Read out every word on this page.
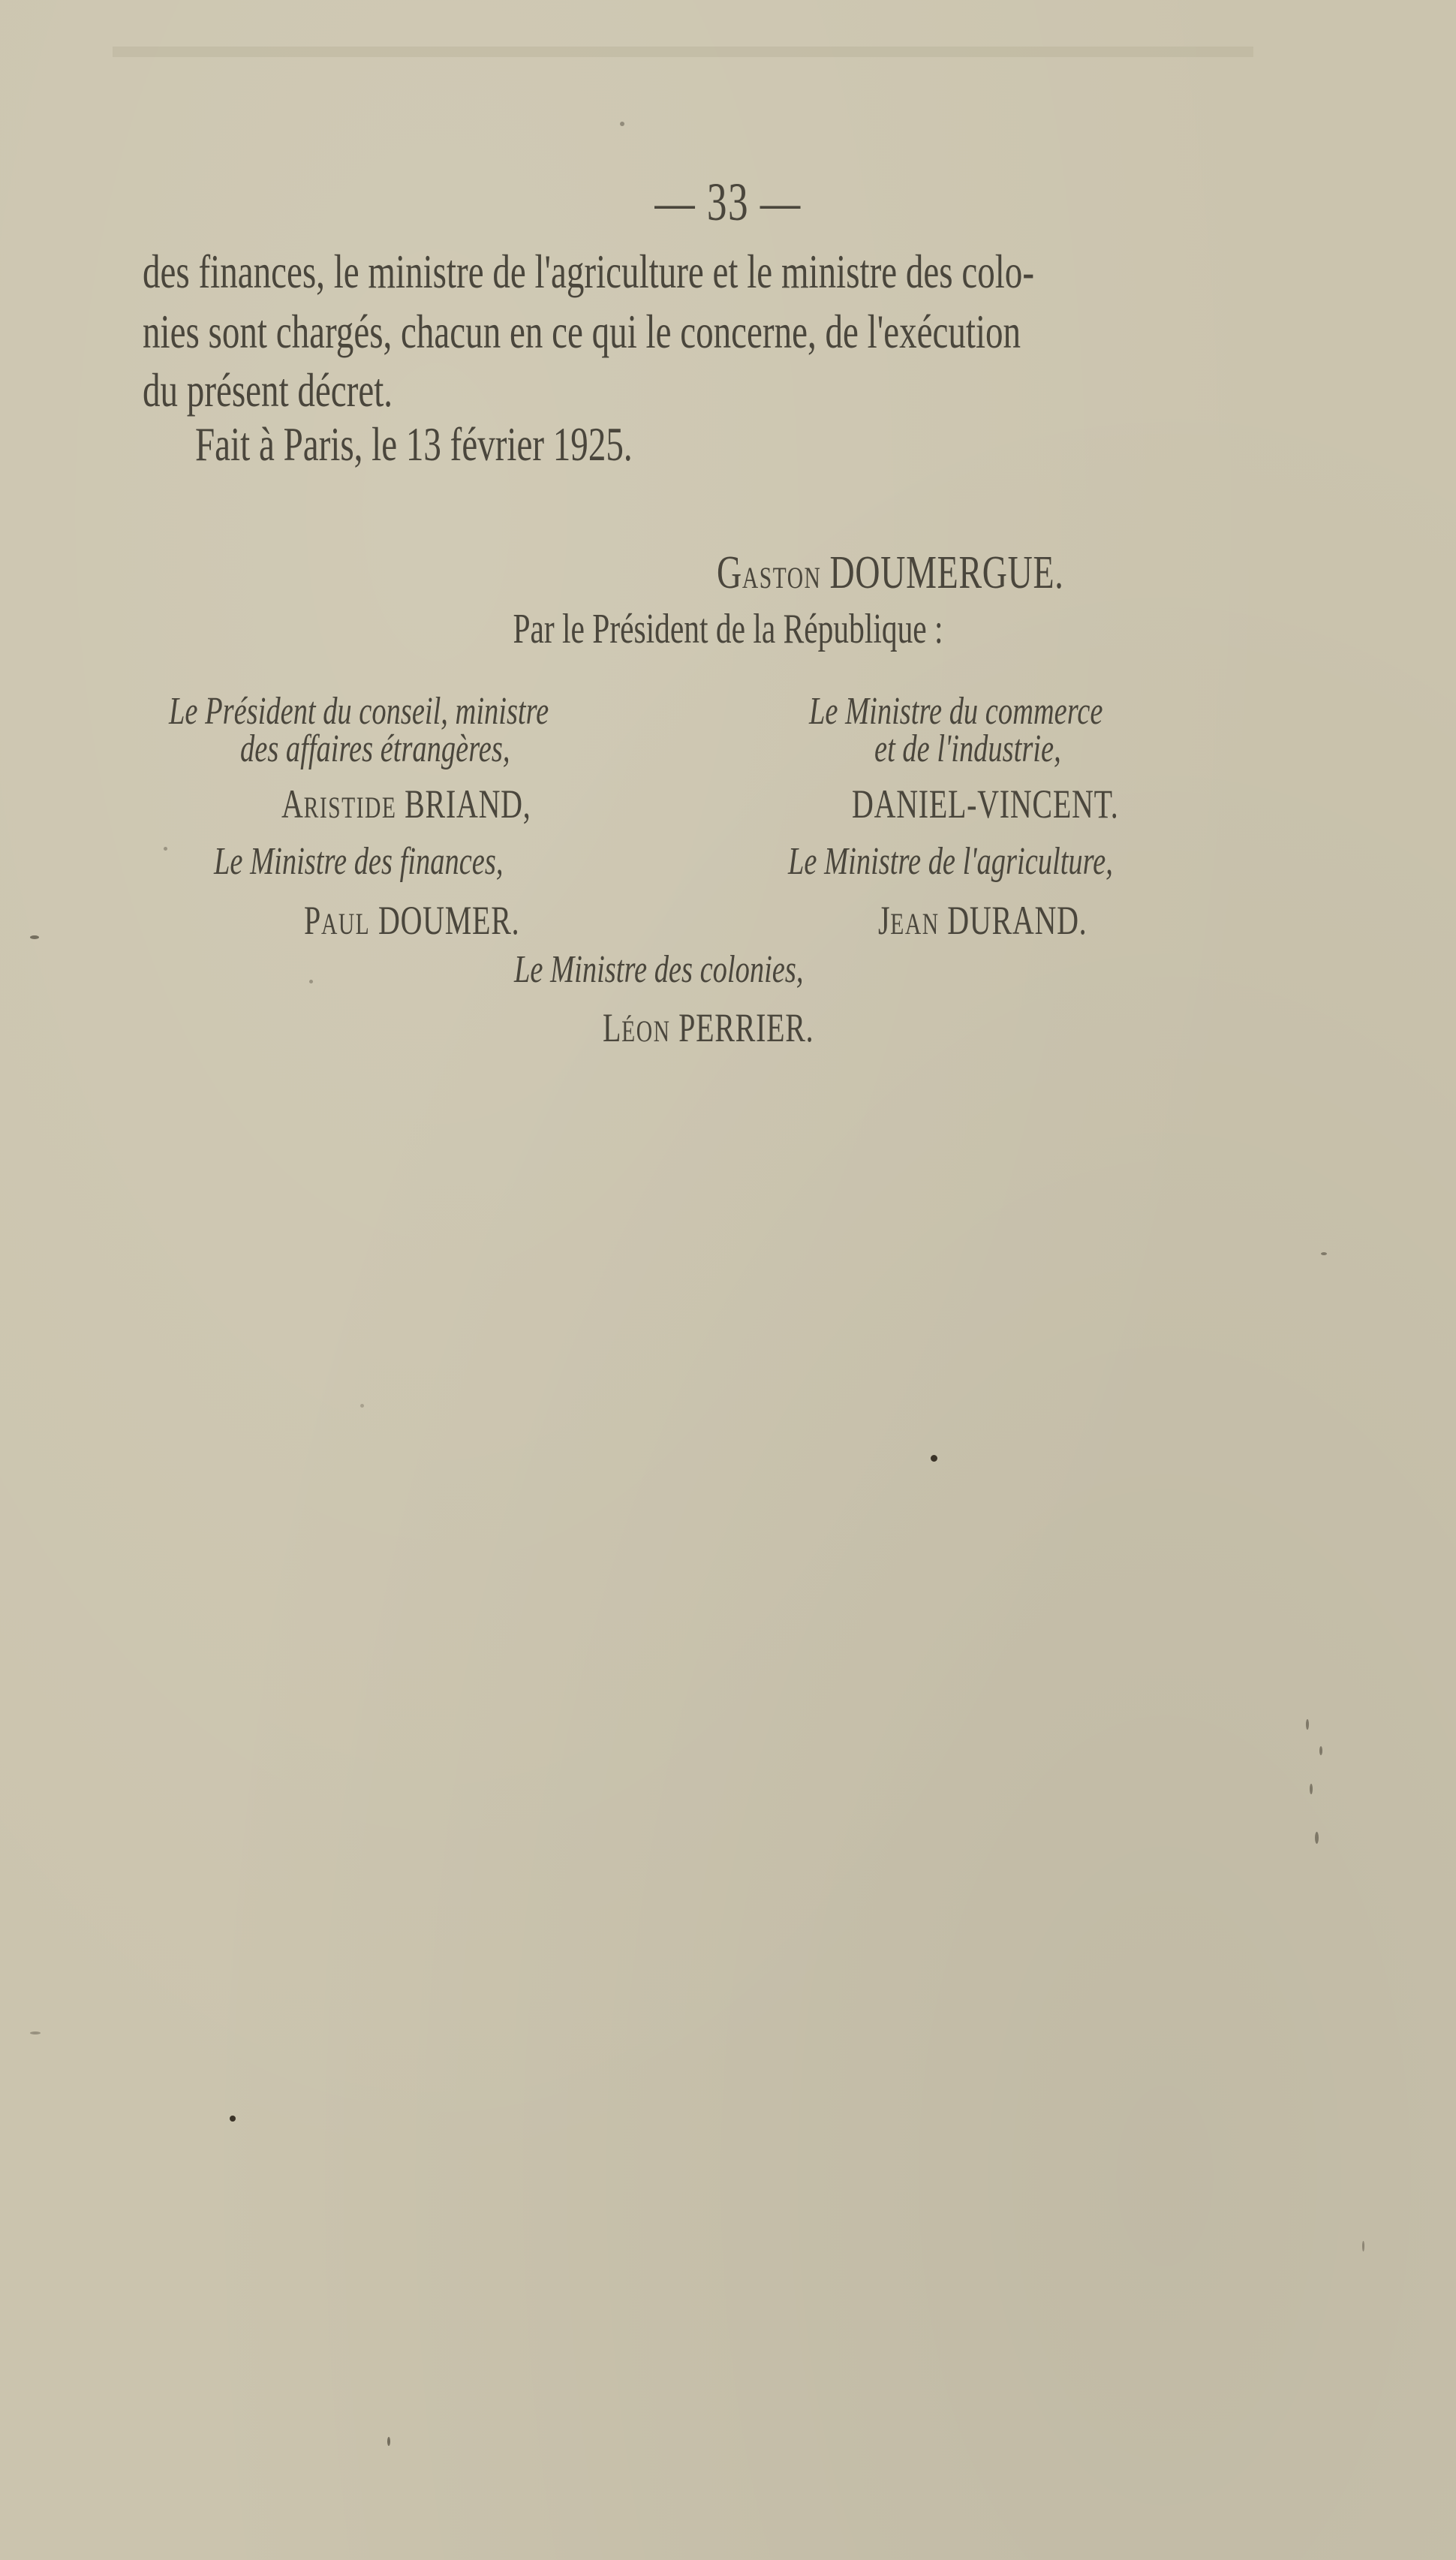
— 33 —
des finances, le ministre de l'agriculture et le ministre des colo-
nies sont chargés, chacun en ce qui le concerne, de l'exécution
du présent décret.
Fait à Paris, le 13 février 1925.
GASTON DOUMERGUE.
Par le Président de la République :
Le Président du conseil, ministre
des affaires étrangères,
ARISTIDE BRIAND,
Le Ministre du commerce
et de l'industrie,
DANIEL-VINCENT.
Le Ministre des finances,
PAUL DOUMER.
Le Ministre de l'agriculture,
JEAN DURAND.
Le Ministre des colonies,
LÉON PERRIER.
